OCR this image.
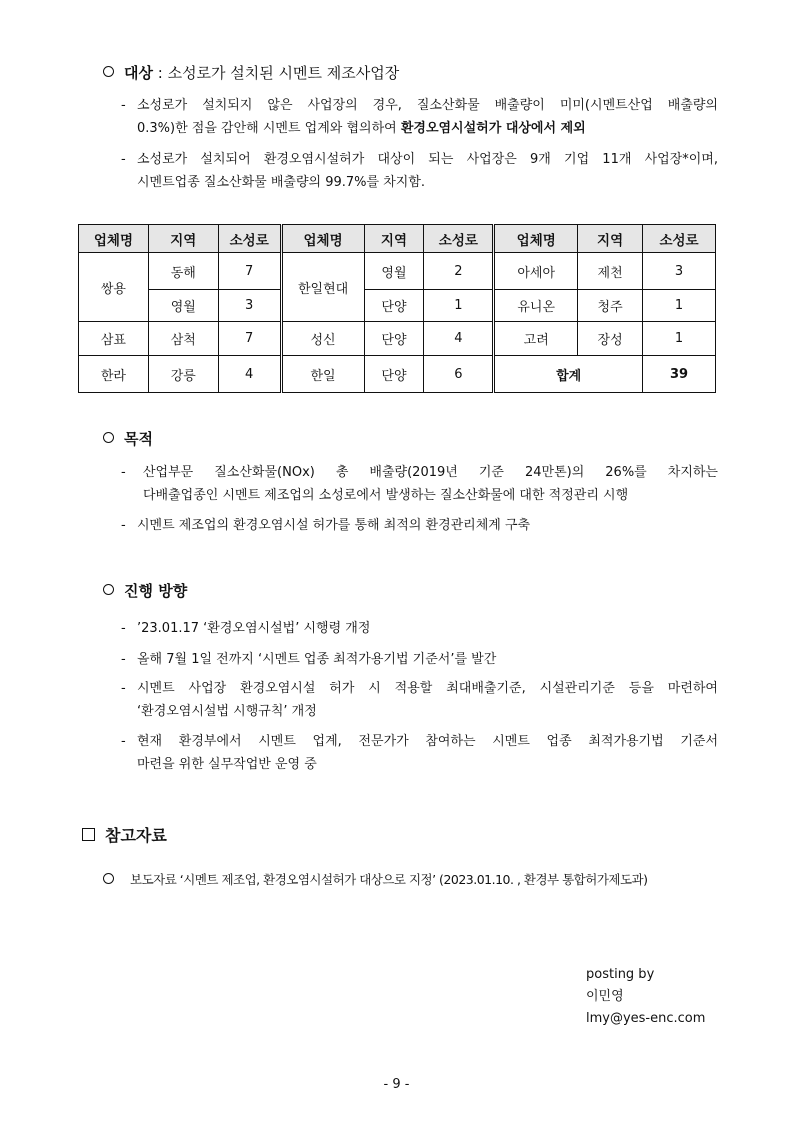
대상 : 소성로가 설치된 시멘트 제조사업장
- 소성로가 설치되지 않은 사업장의 경우, 질소산화물 배출량이 미미(시멘트산업 배출량의
0.3%)한 점을 감안해 시멘트 업계와 협의하여 환경오염시설허가 대상에서 제외
- 소성로가 설치되어 환경오염시설허가 대상이 되는 사업장은 9개 기업 11개 사업장*이며,
시멘트업종 질소산화물 배출량의 99.7%를 차지함.
업체명	지역	소성로	업체명	지역	소성로	업체명	지역	소성로
쌍용	동해	7	한일현대	영월	2	아세아	제천	3
	영월	3		단양	1	유니온	청주	1
삼표	삼척	7	성신	단양	4	고려	장성	1
한라	강릉	4	한일	단양	6	합계		39
목적
- 산업부문 질소산화물(NOx) 총 배출량(2019년 기준 24만톤)의 26%를 차지하는
다배출업종인 시멘트 제조업의 소성로에서 발생하는 질소산화물에 대한 적정관리 시행
- 시멘트 제조업의 환경오염시설 허가를 통해 최적의 환경관리체계 구축
진행 방향
- ’23.01.17 ‘환경오염시설법’ 시행령 개정
- 올해 7월 1일 전까지 ‘시멘트 업종 최적가용기법 기준서’를 발간
- 시멘트 사업장 환경오염시설 허가 시 적용할 최대배출기준, 시설관리기준 등을 마련하여
‘환경오염시설법 시행규칙’ 개정
- 현재 환경부에서 시멘트 업계, 전문가가 참여하는 시멘트 업종 최적가용기법 기준서
마련을 위한 실무작업반 운영 중
참고자료
보도자료 ‘시멘트 제조업, 환경오염시설허가 대상으로 지정’ (2023.01.10. , 환경부 통합허가제도과)
posting by
이민영
lmy@yes-enc.com
- 9 -
